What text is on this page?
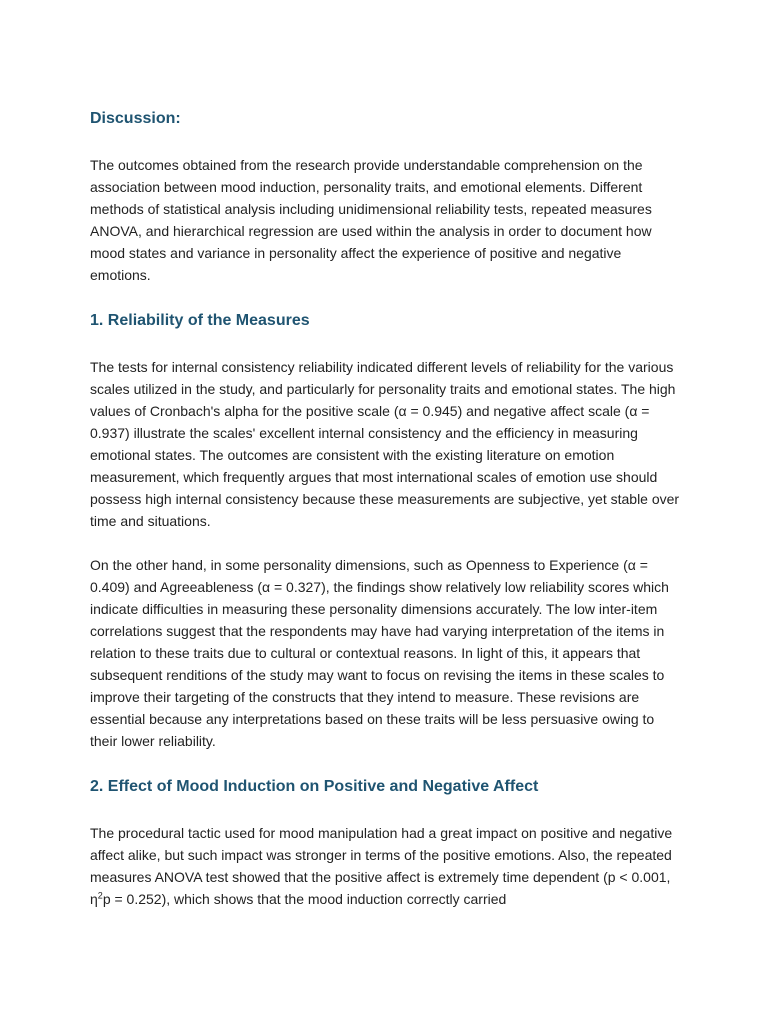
Discussion:

The outcomes obtained from the research provide understandable comprehension on the association between mood induction, personality traits, and emotional elements. Different methods of statistical analysis including unidimensional reliability tests, repeated measures ANOVA, and hierarchical regression are used within the analysis in order to document how mood states and variance in personality affect the experience of positive and negative emotions.

1. Reliability of the Measures

The tests for internal consistency reliability indicated different levels of reliability for the various scales utilized in the study, and particularly for personality traits and emotional states. The high values of Cronbach's alpha for the positive scale (α = 0.945) and negative affect scale (α = 0.937) illustrate the scales' excellent internal consistency and the efficiency in measuring emotional states. The outcomes are consistent with the existing literature on emotion measurement, which frequently argues that most international scales of emotion use should possess high internal consistency because these measurements are subjective, yet stable over time and situations.

On the other hand, in some personality dimensions, such as Openness to Experience (α = 0.409) and Agreeableness (α = 0.327), the findings show relatively low reliability scores which indicate difficulties in measuring these personality dimensions accurately. The low inter-item correlations suggest that the respondents may have had varying interpretation of the items in relation to these traits due to cultural or contextual reasons. In light of this, it appears that subsequent renditions of the study may want to focus on revising the items in these scales to improve their targeting of the constructs that they intend to measure. These revisions are essential because any interpretations based on these traits will be less persuasive owing to their lower reliability.

2. Effect of Mood Induction on Positive and Negative Affect

The procedural tactic used for mood manipulation had a great impact on positive and negative affect alike, but such impact was stronger in terms of the positive emotions. Also, the repeated measures ANOVA test showed that the positive affect is extremely time dependent (p < 0.001, $\eta^2p = 0.252$), which shows that the mood induction correctly carried
